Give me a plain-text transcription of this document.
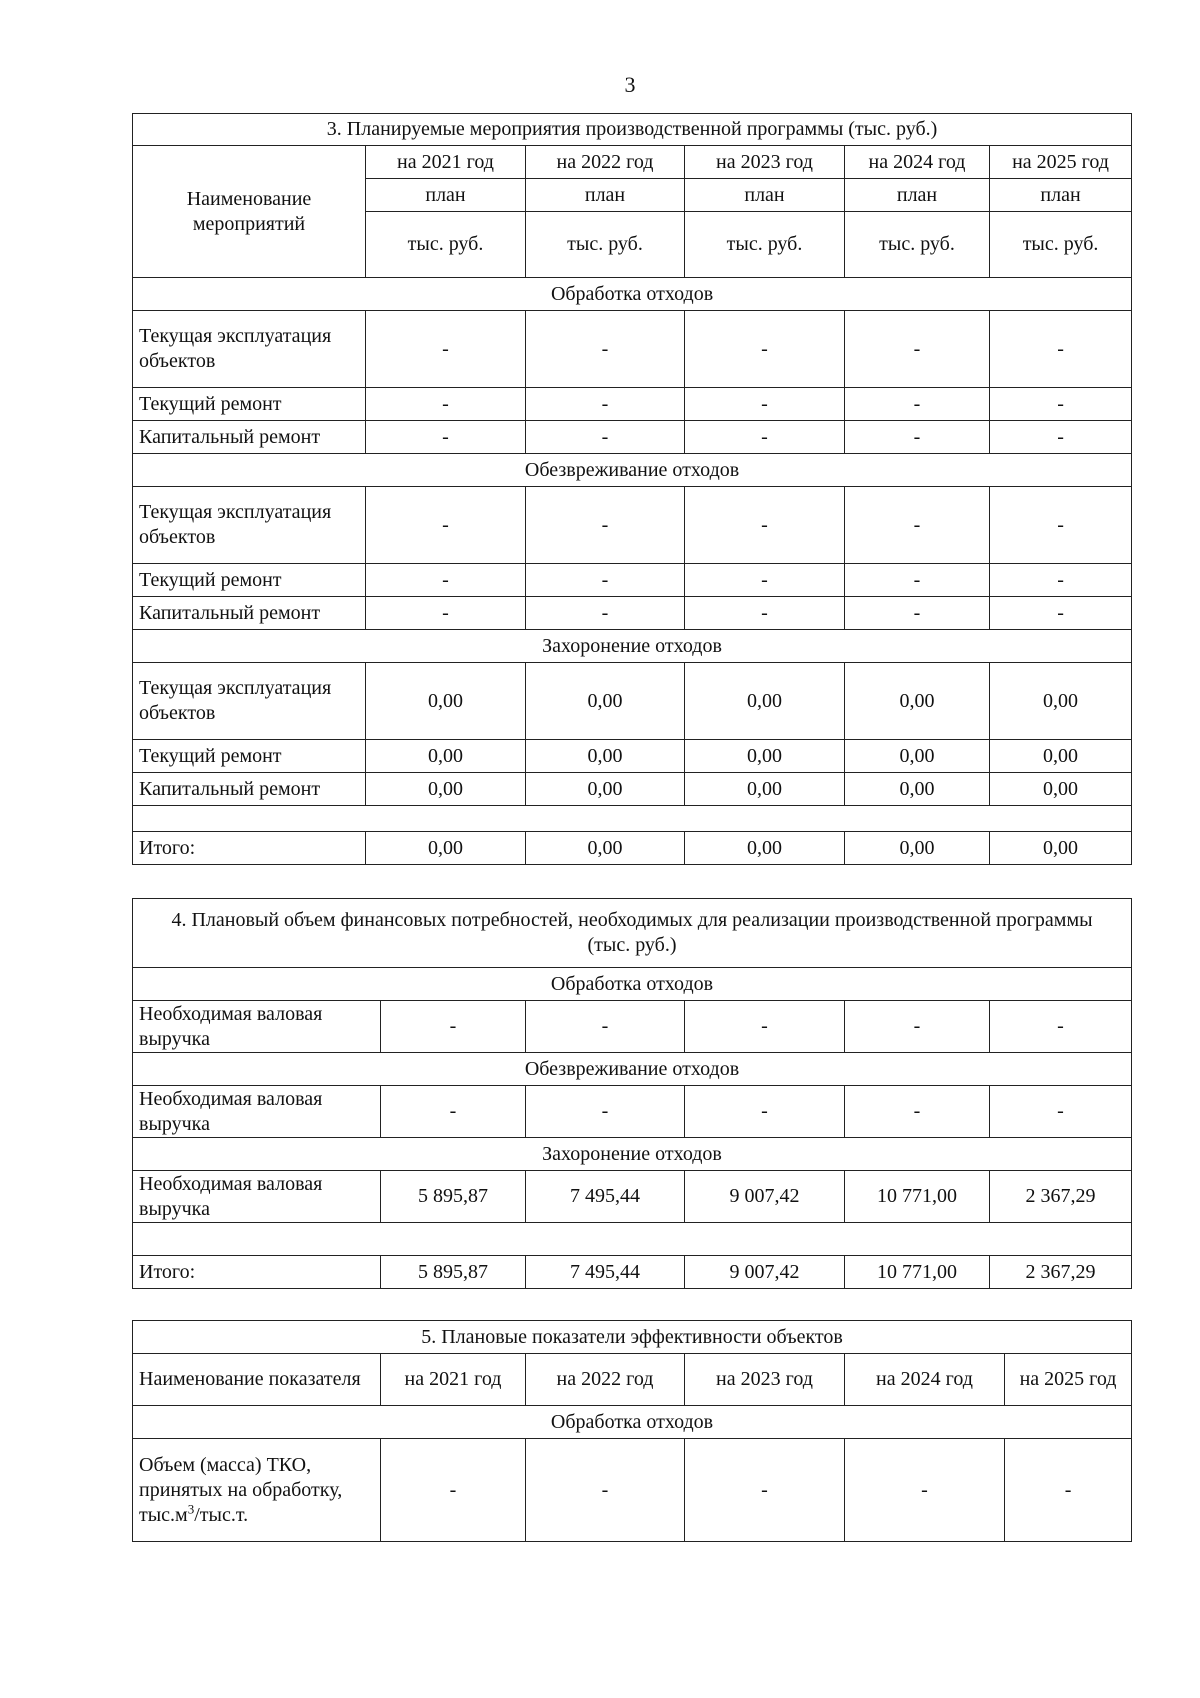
3
3. Планируемые мероприятия производственной программы (тыс. руб.)					
Наименование мероприятий	на 2021 год	на 2022 год	на 2023 год	на 2024 год	на 2025 год
	план	план	план	план	план
	тыс. руб.	тыс. руб.	тыс. руб.	тыс. руб.	тыс. руб.
Обработка отходов					
Текущая эксплуатация объектов	-	-	-	-	-
Текущий ремонт	-	-	-	-	-
Капитальный ремонт	-	-	-	-	-
Обезвреживание отходов					
Текущая эксплуатация объектов	-	-	-	-	-
Текущий ремонт	-	-	-	-	-
Капитальный ремонт	-	-	-	-	-
Захоронение отходов					
Текущая эксплуатация объектов	0,00	0,00	0,00	0,00	0,00
Текущий ремонт	0,00	0,00	0,00	0,00	0,00
Капитальный ремонт	0,00	0,00	0,00	0,00	0,00

Итого:	0,00	0,00	0,00	0,00	0,00
4. Плановый объем финансовых потребностей, необходимых для реализации производственной программы (тыс. руб.)					
Обработка отходов					
Необходимая валовая выручка	-	-	-	-	-
Обезвреживание отходов					
Необходимая валовая выручка	-	-	-	-	-
Захоронение отходов					
Необходимая валовая выручка	5 895,87	7 495,44	9 007,42	10 771,00	2 367,29

Итого:	5 895,87	7 495,44	9 007,42	10 771,00	2 367,29
5. Плановые показатели эффективности объектов					
Наименование показателя	на 2021 год	на 2022 год	на 2023 год	на 2024 год	на 2025 год
Обработка отходов					
Объем (масса) ТКО, принятых на обработку, $тыс.м^3/тыс.т$.	-	-	-	-	-
